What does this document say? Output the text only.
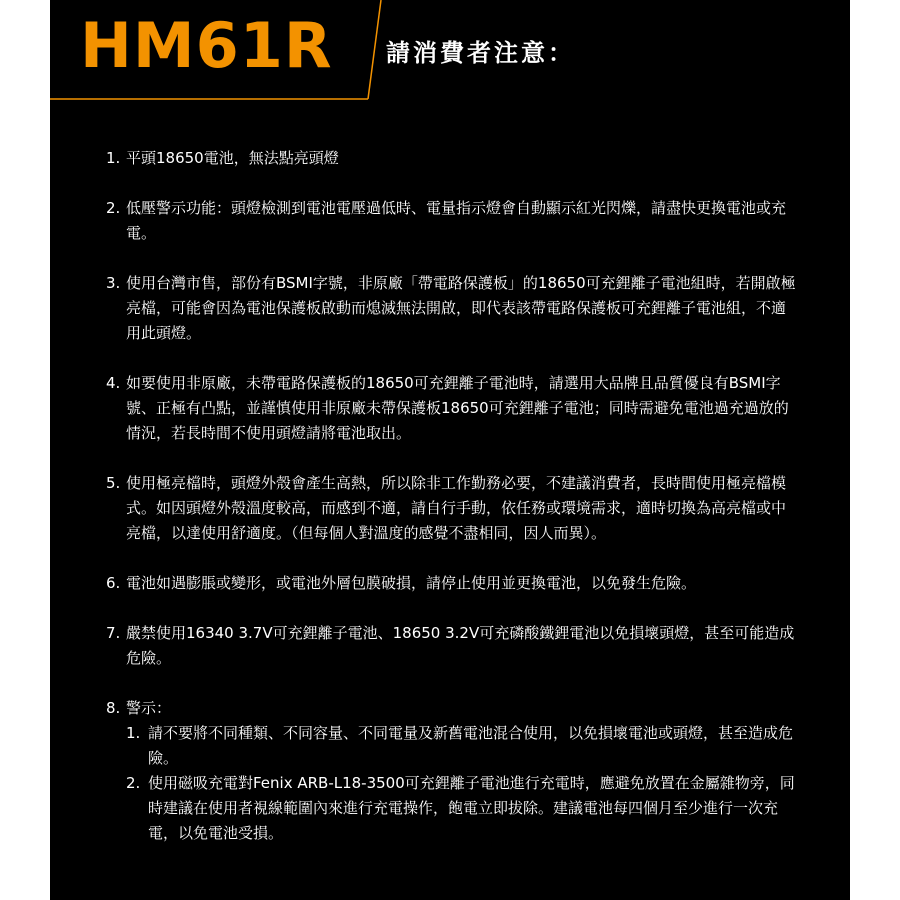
HM61R 請消費者注意：
1. 平頭18650電池，無法點亮頭燈
2. 低壓警示功能：頭燈檢測到電池電壓過低時、電量指示燈會自動顯示紅光閃爍，請盡快更換電池或充電。
3. 使用台灣市售，部份有BSMI字號，非原廠「帶電路保護板」的18650可充鋰離子電池組時，若開啟極亮檔，可能會因為電池保護板啟動而熄滅無法開啟，即代表該帶電路保護板可充鋰離子電池組，不適用此頭燈。
4. 如要使用非原廠，未帶電路保護板的18650可充鋰離子電池時，請選用大品牌且品質優良有BSMI字號、正極有凸點，並謹慎使用非原廠未帶保護板18650可充鋰離子電池；同時需避免電池過充過放的情況，若長時間不使用頭燈請將電池取出。
5. 使用極亮檔時，頭燈外殼會產生高熱，所以除非工作勤務必要，不建議消費者，長時間使用極亮檔模式。如因頭燈外殼溫度較高，而感到不適，請自行手動，依任務或環境需求，適時切換為高亮檔或中亮檔，以達使用舒適度。（但每個人對溫度的感覺不盡相同，因人而異）。
6. 電池如遇膨脹或變形，或電池外層包膜破損，請停止使用並更換電池，以免發生危險。
7. 嚴禁使用16340 3.7V可充鋰離子電池、18650 3.2V可充磷酸鐵鋰電池以免損壞頭燈，甚至可能造成危險。
8. 警示：
1. 請不要將不同種類、不同容量、不同電量及新舊電池混合使用，以免損壞電池或頭燈，甚至造成危險。
2. 使用磁吸充電對Fenix ARB-L18-3500可充鋰離子電池進行充電時，應避免放置在金屬雜物旁，同時建議在使用者視線範圍內來進行充電操作，飽電立即拔除。建議電池每四個月至少進行一次充電，以免電池受損。
